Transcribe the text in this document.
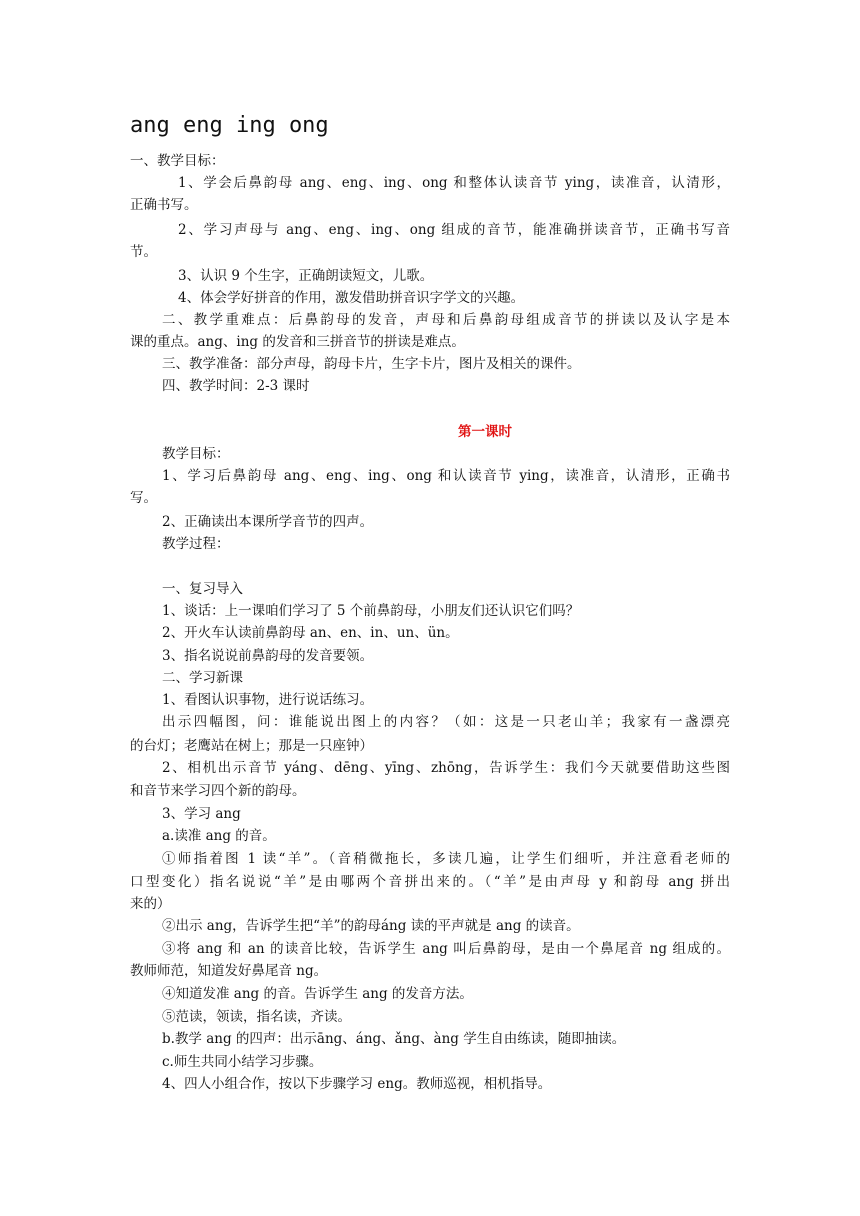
ang eng ing ong
一、教学目标：
1、学会后鼻韵母 ang、eng、ing、ong 和整体认读音节 ying，读准音，认清形，
正确书写。
2、学习声母与 ang、eng、ing、ong 组成的音节，能准确拼读音节，正确书写音
节。
3、认识 9 个生字，正确朗读短文，儿歌。
4、体会学好拼音的作用，激发借助拼音识字学文的兴趣。
二、教学重难点：后鼻韵母的发音，声母和后鼻韵母组成音节的拼读以及认字是本
课的重点。ang、ing 的发音和三拼音节的拼读是难点。
三、教学准备：部分声母，韵母卡片，生字卡片，图片及相关的课件。
四、教学时间：2-3 课时
第一课时
教学目标：
1、学习后鼻韵母 ang、eng、ing、ong 和认读音节 ying，读准音，认清形，正确书
写。
2、正确读出本课所学音节的四声。
教学过程：
一、复习导入
1、谈话：上一课咱们学习了 5 个前鼻韵母，小朋友们还认识它们吗？
2、开火车认读前鼻韵母 an、en、in、un、ün。
3、指名说说前鼻韵母的发音要领。
二、学习新课
1、看图认识事物，进行说话练习。
出示四幅图，问：谁能说出图上的内容？（如：这是一只老山羊；我家有一盏漂亮
的台灯；老鹰站在树上；那是一只座钟）
2、相机出示音节 yáng、dēng、yīng、zhōng，告诉学生：我们今天就要借助这些图
和音节来学习四个新的韵母。
3、学习 ang
a.读准 ang 的音。
①师指着图 1 读“羊”。（音稍微拖长，多读几遍，让学生们细听，并注意看老师的
口型变化）指名说说“羊”是由哪两个音拼出来的。（“羊”是由声母 y 和韵母 ang 拼出
来的）
②出示 ang，告诉学生把“羊”的韵母áng 读的平声就是 ang 的读音。
③将 ang 和 an 的读音比较，告诉学生 ang 叫后鼻韵母，是由一个鼻尾音 ng 组成的。
教师师范，知道发好鼻尾音 ng。
④知道发准 ang 的音。告诉学生 ang 的发音方法。
⑤范读，领读，指名读，齐读。
b.教学 ang 的四声：出示āng、áng、ǎng、àng 学生自由练读，随即抽读。
c.师生共同小结学习步骤。
4、四人小组合作，按以下步骤学习 eng。教师巡视，相机指导。
